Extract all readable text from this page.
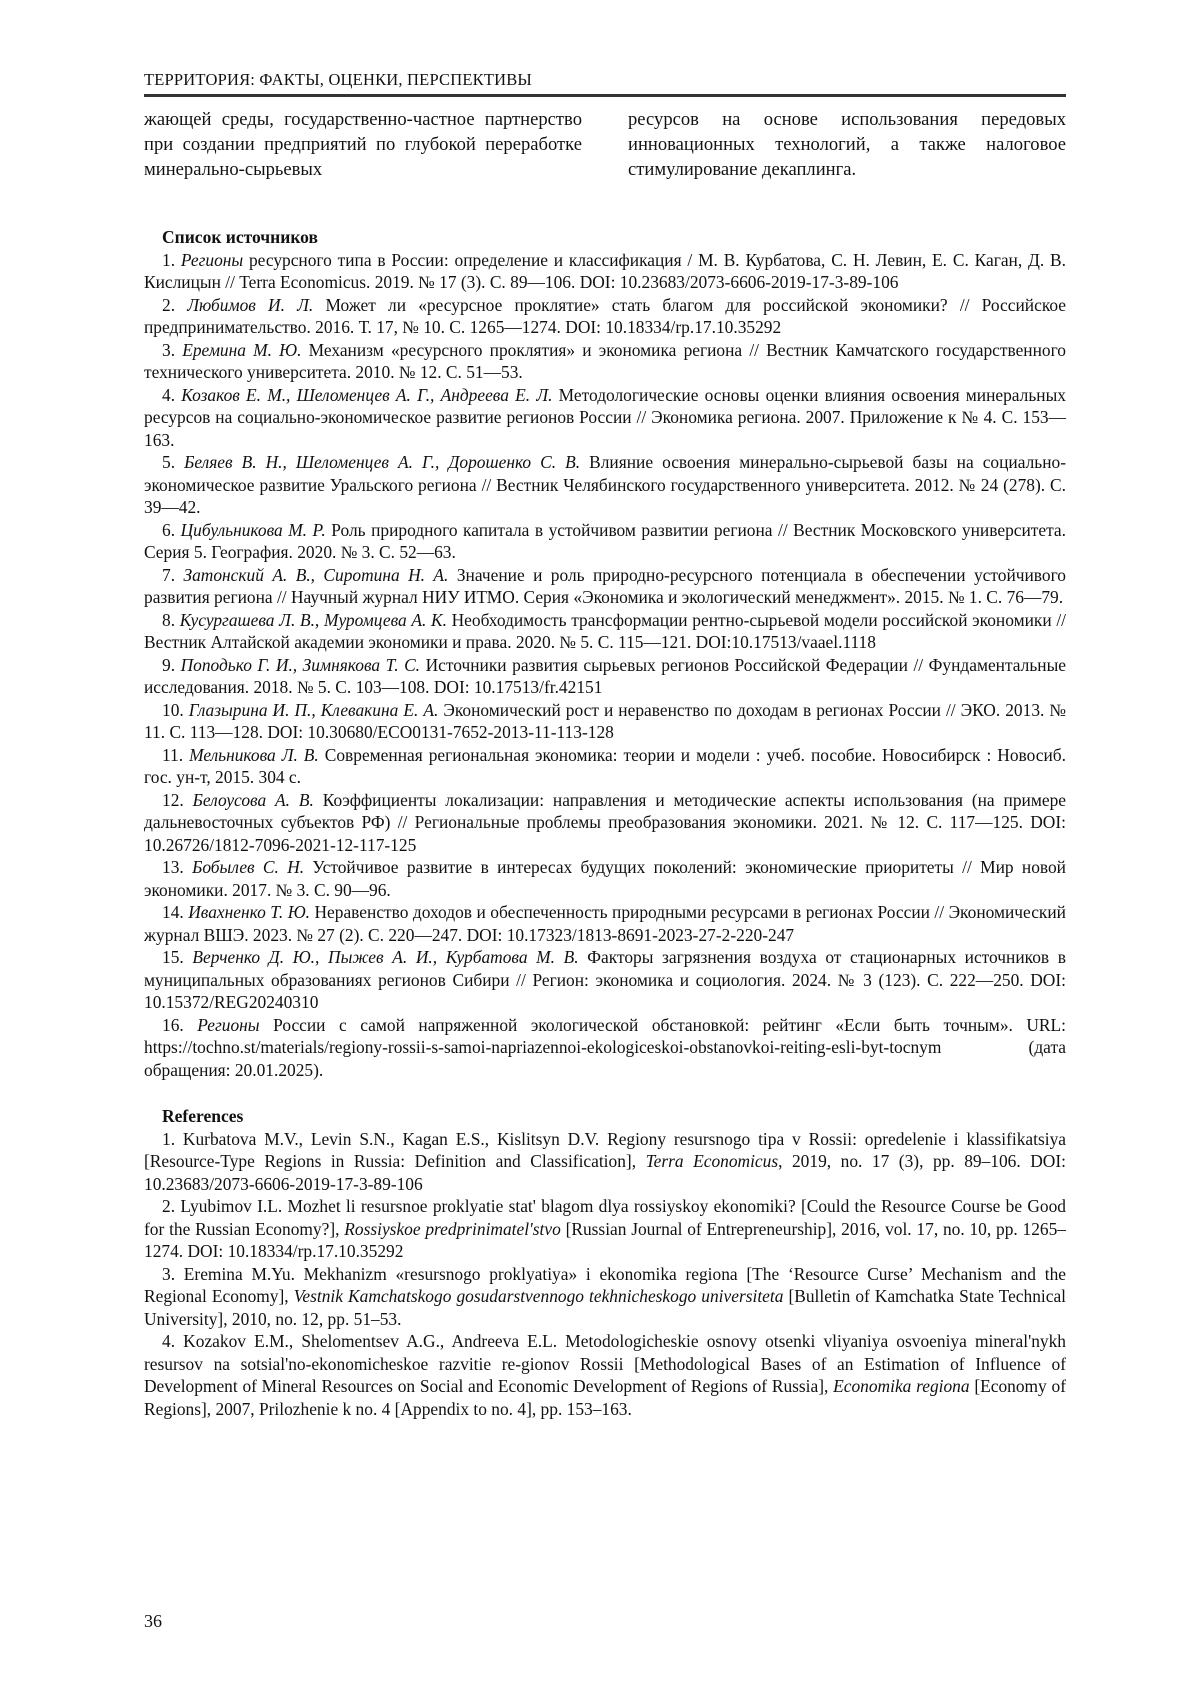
ТЕРРИТОРИЯ: ФАКТЫ, ОЦЕНКИ, ПЕРСПЕКТИВЫ
жающей среды, государственно-частное партнерство при создании предприятий по глубокой переработке минерально-сырьевых
ресурсов на основе использования передовых инновационных технологий, а также налоговое стимулирование декаплинга.
Список источников

1. Регионы ресурсного типа в России: определение и классификация / М. В. Курбатова, С. Н. Левин, Е. С. Каган, Д. В. Кислицын // Terra Economicus. 2019. № 17 (3). С. 89—106. DOI: 10.23683/2073-6606-2019-17-3-89-106

2. Любимов И. Л. Может ли «ресурсное проклятие» стать благом для российской экономики? // Российское предпринимательство. 2016. Т. 17, № 10. С. 1265—1274. DOI: 10.18334/rp.17.10.35292

3. Еремина М. Ю. Механизм «ресурсного проклятия» и экономика региона // Вестник Камчатского государственного технического университета. 2010. № 12. С. 51—53.

4. Козаков Е. М., Шеломенцев А. Г., Андреева Е. Л. Методологические основы оценки влияния освоения минеральных ресурсов на социально-экономическое развитие регионов России // Экономика региона. 2007. Приложение к № 4. С. 153—163.

5. Беляев В. Н., Шеломенцев А. Г., Дорошенко С. В. Влияние освоения минерально-сырьевой базы на социально-экономическое развитие Уральского региона // Вестник Челябинского государственного университета. 2012. № 24 (278). С. 39—42.

6. Цибульникова М. Р. Роль природного капитала в устойчивом развитии региона // Вестник Московского университета. Серия 5. География. 2020. № 3. С. 52—63.

7. Затонский А. В., Сиротина Н. А. Значение и роль природно-ресурсного потенциала в обеспечении устойчивого развития региона // Научный журнал НИУ ИТМО. Серия «Экономика и экологический менеджмент». 2015. № 1. С. 76—79.

8. Кусургашева Л. В., Муромцева А. К. Необходимость трансформации рентно-сырьевой модели российской экономики // Вестник Алтайской академии экономики и права. 2020. № 5. С. 115—121. DOI:10.17513/vaael.1118

9. Поподько Г. И., Зимнякова Т. С. Источники развития сырьевых регионов Российской Федерации // Фундаментальные исследования. 2018. № 5. С. 103—108. DOI: 10.17513/fr.42151

10. Глазырина И. П., Клевакина Е. А. Экономический рост и неравенство по доходам в регионах России // ЭКО. 2013. № 11. С. 113—128. DOI: 10.30680/ECO0131-7652-2013-11-113-128

11. Мельникова Л. В. Современная региональная экономика: теории и модели : учеб. пособие. Новосибирск : Новосиб. гос. ун-т, 2015. 304 с.

12. Белоусова А. В. Коэффициенты локализации: направления и методические аспекты использования (на примере дальневосточных субъектов РФ) // Региональные проблемы преобразования экономики. 2021. № 12. С. 117—125. DOI: 10.26726/1812-7096-2021-12-117-125

13. Бобылев С. Н. Устойчивое развитие в интересах будущих поколений: экономические приоритеты // Мир новой экономики. 2017. № 3. С. 90—96.

14. Ивахненко Т. Ю. Неравенство доходов и обеспеченность природными ресурсами в регионах России // Экономический журнал ВШЭ. 2023. № 27 (2). С. 220—247. DOI: 10.17323/1813-8691-2023-27-2-220-247

15. Верченко Д. Ю., Пыжев А. И., Курбатова М. В. Факторы загрязнения воздуха от стационарных источников в муниципальных образованиях регионов Сибири // Регион: экономика и социология. 2024. № 3 (123). С. 222—250. DOI: 10.15372/REG20240310

16. Регионы России с самой напряженной экологической обстановкой: рейтинг «Если быть точным». URL: https://tochno.st/materials/regiony-rossii-s-samoi-napriazennoi-ekologiceskoi-obstanovkoi-reiting-esli-byt-tocnym (дата обращения: 20.01.2025).

References

1. Kurbatova M.V., Levin S.N., Kagan E.S., Kislitsyn D.V. Regiony resursnogo tipa v Rossii: opredelenie i klassifikatsiya [Resource-Type Regions in Russia: Definition and Classification], Terra Economicus, 2019, no. 17 (3), pp. 89–106. DOI: 10.23683/2073-6606-2019-17-3-89-106

2. Lyubimov I.L. Mozhet li resursnoe proklyatie stat' blagom dlya rossiyskoy ekonomiki? [Could the Resource Course be Good for the Russian Economy?], Rossiyskoe predprinimatel'stvo [Russian Journal of Entrepreneurship], 2016, vol. 17, no. 10, pp. 1265–1274. DOI: 10.18334/rp.17.10.35292

3. Eremina M.Yu. Mekhanizm «resursnogo proklyatiya» i ekonomika regiona [The ‘Resource Curse’ Mechanism and the Regional Economy], Vestnik Kamchatskogo gosudarstvennogo tekhnicheskogo universiteta [Bulletin of Kamchatka State Technical University], 2010, no. 12, pp. 51–53.

4. Kozakov E.M., Shelomentsev A.G., Andreeva E.L. Metodologicheskie osnovy otsenki vliyaniya osvoeniya mineral'nykh resursov na sotsial'no-ekonomicheskoe razvitie re-gionov Rossii [Methodological Bases of an Estimation of Influence of Development of Mineral Resources on Social and Economic Development of Regions of Russia], Economika regiona [Economy of Regions], 2007, Prilozhenie k no. 4 [Appendix to no. 4], pp. 153–163.

36
